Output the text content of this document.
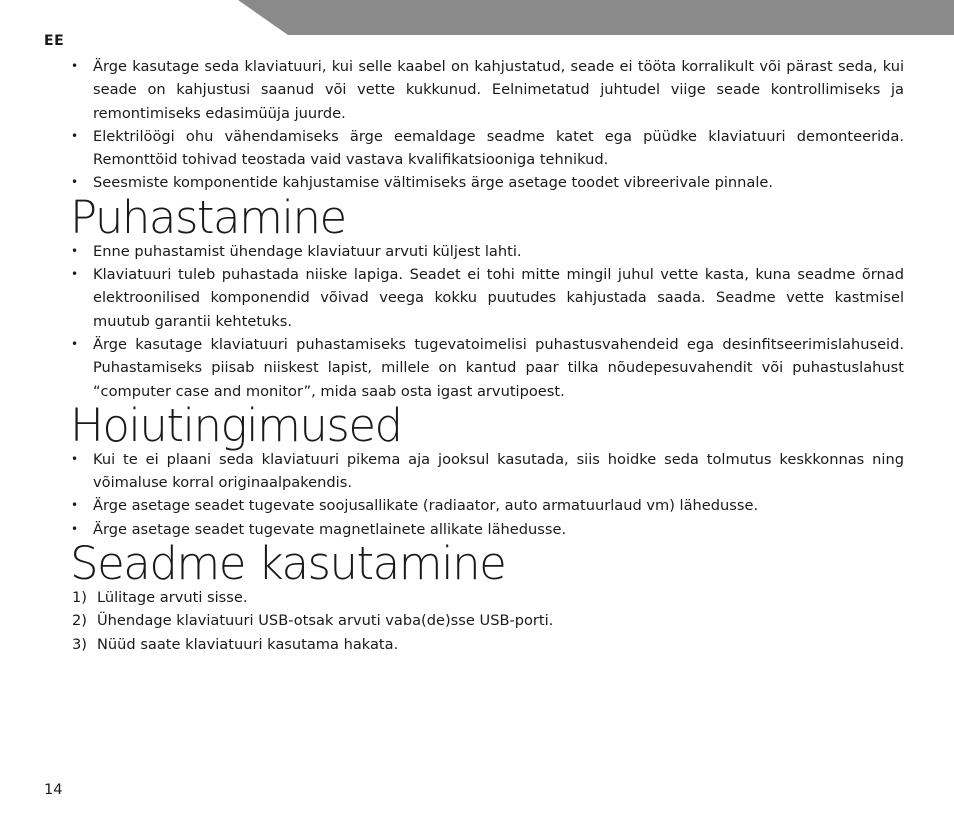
EE
• Ärge kasutage seda klaviatuuri, kui selle kaabel on kahjustatud, seade ei tööta korralikult või pärast seda, kui seade on kahjustusi saanud või vette kukkunud. Eelnimetatud juhtudel viige seade kontrollimiseks ja remontimiseks edasimüüja juurde.
• Elektrilöögi ohu vähendamiseks ärge eemaldage seadme katet ega püüdke klaviatuuri demonteerida. Remonttöid tohivad teostada vaid vastava kvalifikatsiooniga tehnikud.
• Seesmiste komponentide kahjustamise vältimiseks ärge asetage toodet vibreerivale pinnale.
Puhastamine
• Enne puhastamist ühendage klaviatuur arvuti küljest lahti.
• Klaviatuuri tuleb puhastada niiske lapiga. Seadet ei tohi mitte mingil juhul vette kasta, kuna seadme õrnad elektroonilised komponendid võivad veega kokku puutudes kahjustada saada. Seadme vette kastmisel muutub garantii kehtetuks.
• Ärge kasutage klaviatuuri puhastamiseks tugevatoimelisi puhastusvahendeid ega desinfitseerimislahuseid. Puhastamiseks piisab niiskest lapist, millele on kantud paar tilka nõudepesuvahendit või puhastuslahust “computer case and monitor”, mida saab osta igast arvutipoest.
Hoiutingimused
• Kui te ei plaani seda klaviatuuri pikema aja jooksul kasutada, siis hoidke seda tolmutus keskkonnas ning võimaluse korral originaalpakendis.
• Ärge asetage seadet tugevate soojusallikate (radiaator, auto armatuurlaud vm) lähedusse.
• Ärge asetage seadet tugevate magnetlainete allikate lähedusse.
Seadme kasutamine
1) Lülitage arvuti sisse.
2) Ühendage klaviatuuri USB-otsak arvuti vaba(de)sse USB-porti.
3) Nüüd saate klaviatuuri kasutama hakata.
14
